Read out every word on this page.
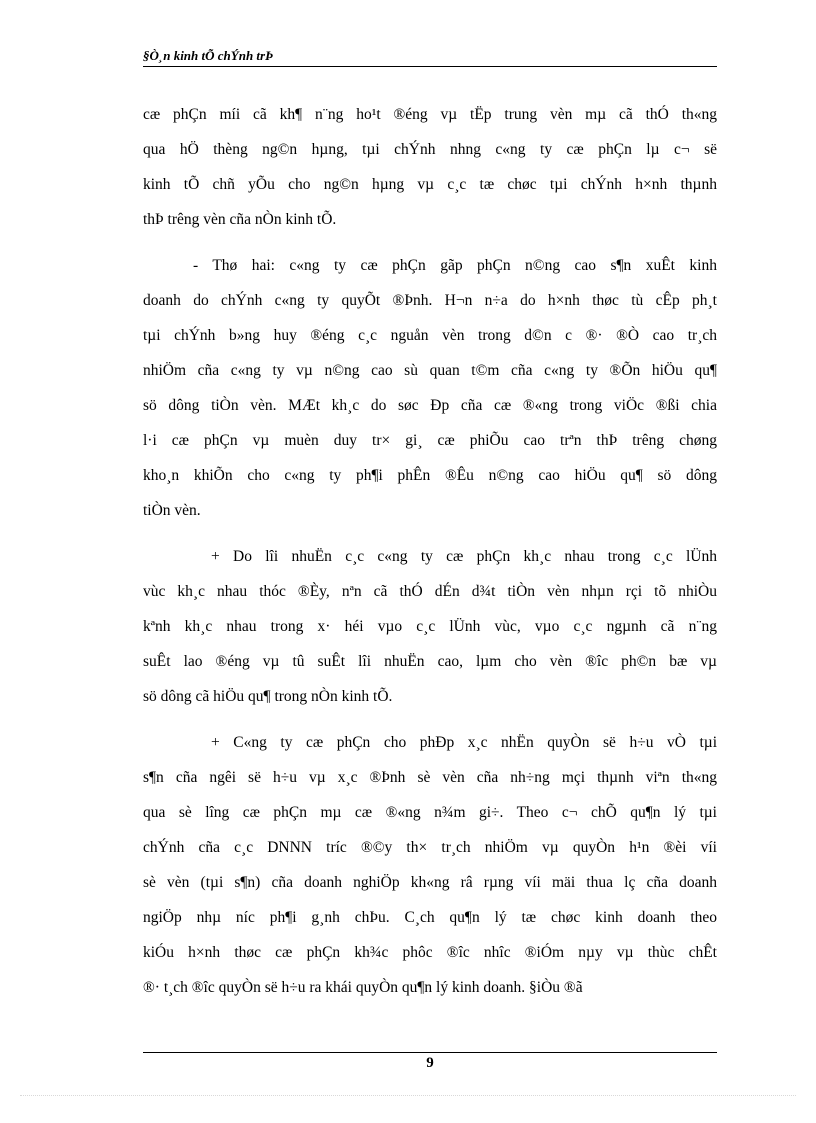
§Ò¸n kinh tÕ chÝnh trÞ
cæ phÇn míi cã kh¶ n¨ng ho¹t ®éng vµ tËp trung vèn mµ cã thÓ th«ng
qua hÖ thèng ng©n hµng, tµi chÝnh nhng c«ng ty cæ phÇn lµ c¬ së
kinh tÕ chñ yÕu cho ng©n hµng vµ c¸c tæ chøc tµi chÝnh h×nh thµnh
thÞ trêng vèn cña nÒn kinh tÕ.
- Thø hai: c«ng ty cæ phÇn gãp phÇn n©ng cao s¶n xuÊt kinh
doanh do chÝnh c«ng ty quyÕt ®Þnh. H¬n n÷a do h×nh thøc tù cÊp ph¸t
tµi chÝnh b»ng huy ®éng c¸c nguån vèn trong d©n c ®· ®Ò cao tr¸ch
nhiÖm cña c«ng ty vµ n©ng cao sù quan t©m cña c«ng ty ®Õn hiÖu qu¶
sö dông tiÒn vèn. MÆt kh¸c do søc Ðp cña cæ ®«ng trong viÖc ®ßi chia
l·i cæ phÇn vµ muèn duy tr× gi¸ cæ phiÕu cao trªn thÞ trêng chøng
kho¸n khiÕn cho c«ng ty ph¶i phÊn ®Êu n©ng cao hiÖu qu¶ sö dông
tiÒn vèn.
+ Do lîi nhuËn c¸c c«ng ty cæ phÇn kh¸c nhau trong c¸c lÜnh
vùc kh¸c nhau thóc ®Èy, nªn cã thÓ dÉn d¾t tiÒn vèn nhµn rçi tõ nhiÒu
kªnh kh¸c nhau trong x· héi vµo c¸c lÜnh vùc, vµo c¸c ngµnh cã n¨ng
suÊt lao ®éng vµ tû suÊt lîi nhuËn cao, lµm cho vèn ®îc ph©n bæ vµ
sö dông cã hiÖu qu¶ trong nÒn kinh tÕ.
+ C«ng ty cæ phÇn cho phÐp x¸c nhËn quyÒn së h÷u vÒ tµi
s¶n cña ngêi së h÷u vµ x¸c ®Þnh sè vèn cña nh÷ng mçi thµnh viªn th«ng
qua sè lîng cæ phÇn mµ cæ ®«ng n¾m gi÷. Theo c¬ chÕ qu¶n lý tµi
chÝnh cña c¸c DNNN tríc ®©y th× tr¸ch nhiÖm vµ quyÒn h¹n ®èi víi
sè vèn (tµi s¶n) cña doanh nghiÖp kh«ng râ rµng víi mäi thua lç cña doanh
ngiÖp nhµ níc ph¶i g¸nh chÞu. C¸ch qu¶n lý tæ chøc kinh doanh theo
kiÓu h×nh thøc cæ phÇn kh¾c phôc ®îc nhîc ®iÓm nµy vµ thùc chÊt
®· t¸ch ®îc quyÒn së h÷u ra khái quyÒn qu¶n lý kinh doanh. §iÒu ®ã
9
